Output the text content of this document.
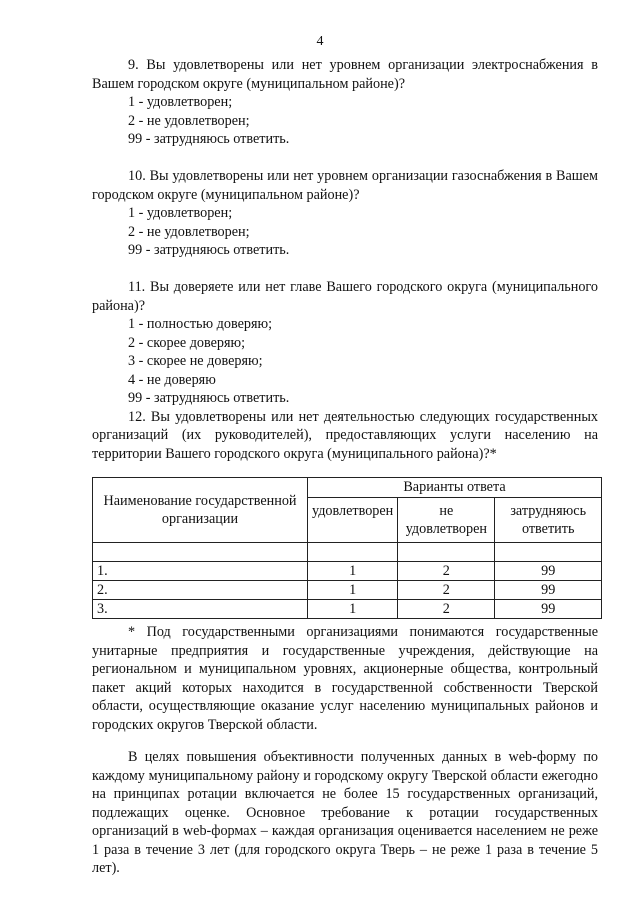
4

9. Вы удовлетворены или нет уровнем организации электроснабжения в Вашем городском округе (муниципальном районе)?

1 - удовлетворен;

2 - не удовлетворен;

99 - затрудняюсь ответить.

10. Вы удовлетворены или нет уровнем организации газоснабжения в Вашем городском округе (муниципальном районе)?

1 - удовлетворен;

2 - не удовлетворен;

99 - затрудняюсь ответить.

11. Вы доверяете или нет главе Вашего городского округа (муниципального района)?

1 - полностью доверяю;

2 - скорее доверяю;

3 - скорее не доверяю;

4 - не доверяю

99 - затрудняюсь ответить.

12. Вы удовлетворены или нет деятельностью следующих государственных организаций (их руководителей), предоставляющих услуги населению на территории Вашего городского округа (муниципального района)?*

Наименование государственной организации	Варианты ответа		
	удовлетворен	не удовлетворен	затрудняюсь ответить

1.	1	2	99
2.	1	2	99
3.	1	2	99

* Под государственными организациями понимаются государственные унитарные предприятия и государственные учреждения, действующие на региональном и муниципальном уровнях, акционерные общества, контрольный пакет акций которых находится в государственной собственности Тверской области, осуществляющие оказание услуг населению муниципальных районов и городских округов Тверской области.

В целях повышения объективности полученных данных в web-форму по каждому муниципальному району и городскому округу Тверской области ежегодно на принципах ротации включается не более 15 государственных организаций, подлежащих оценке. Основное требование к ротации государственных организаций в web-формах – каждая организация оценивается населением не реже 1 раза в течение 3 лет (для городского округа Тверь – не реже 1 раза в течение 5 лет).
